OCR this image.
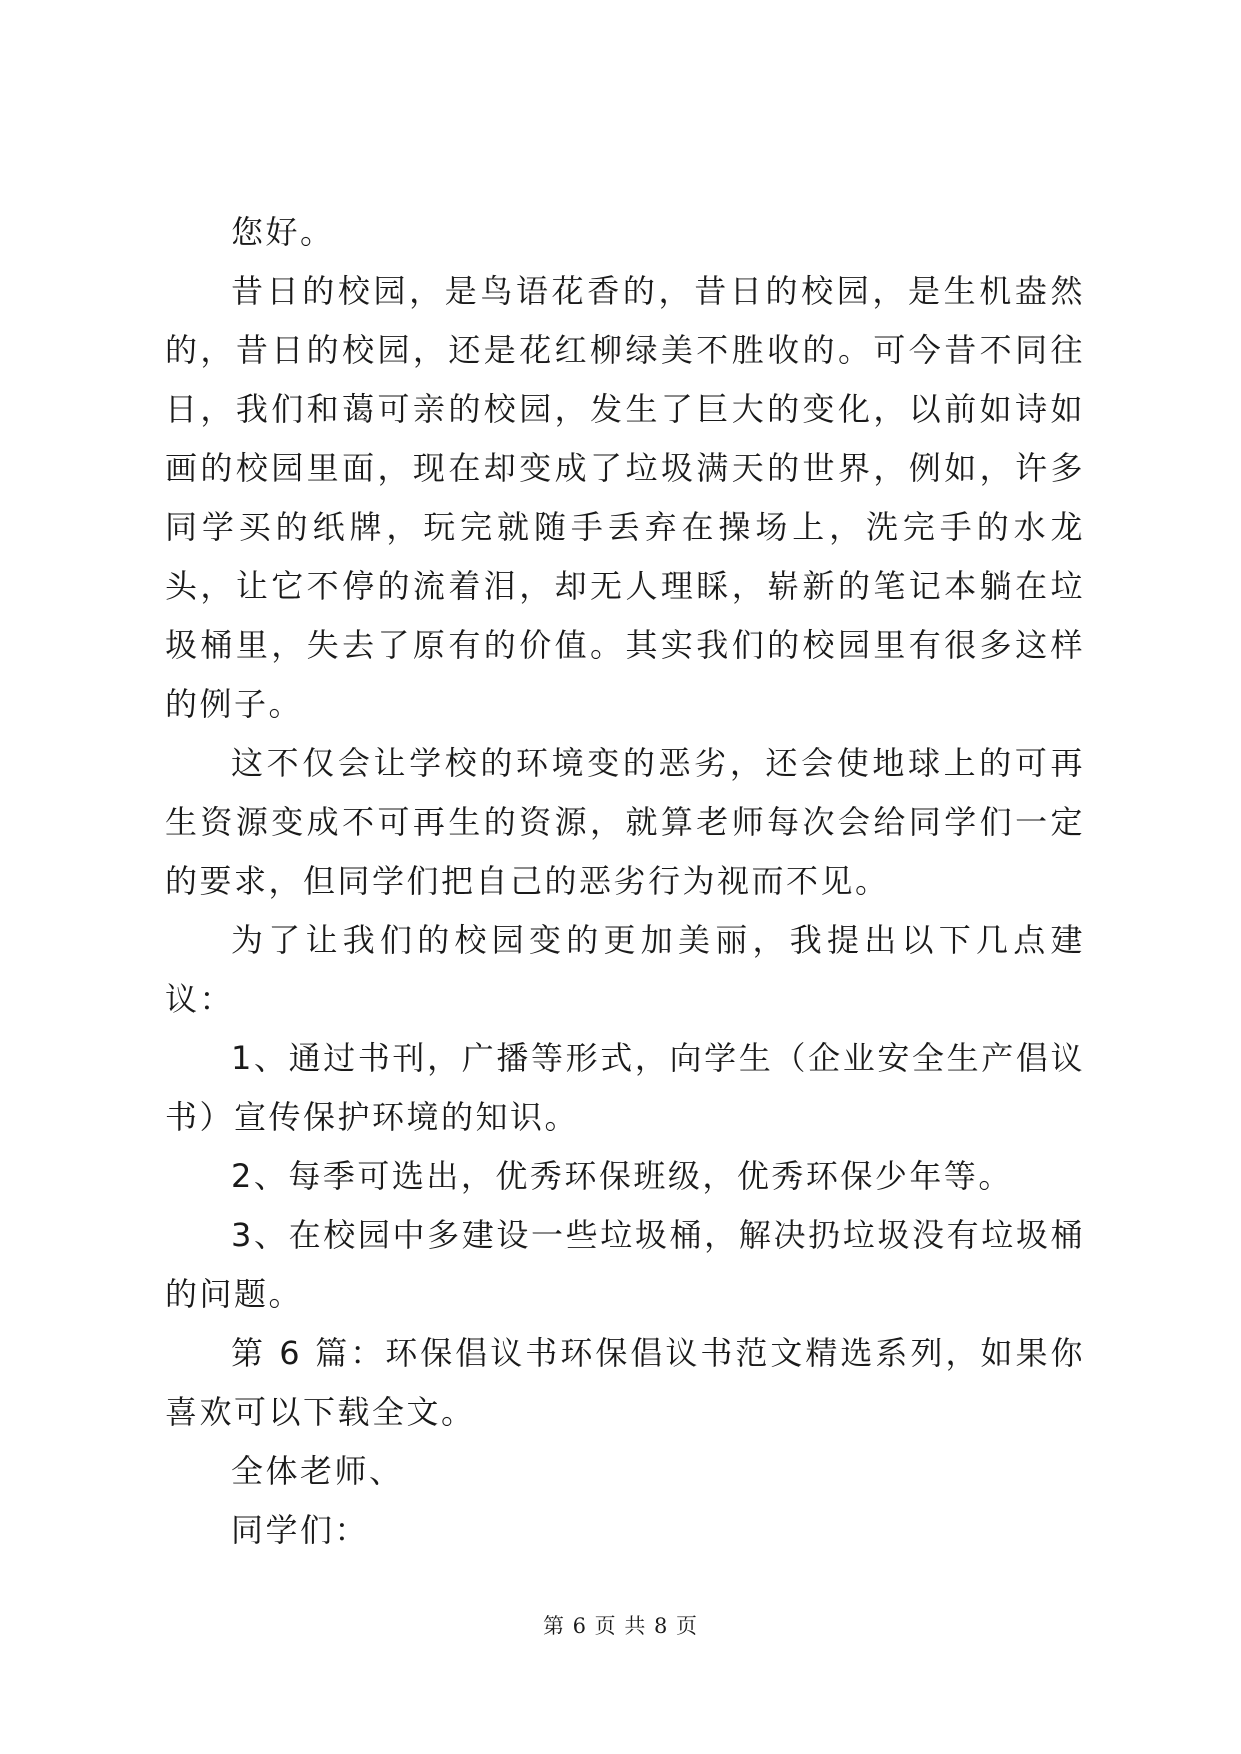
您好。

昔日的校园，是鸟语花香的，昔日的校园，是生机盎然的，昔日的校园，还是花红柳绿美不胜收的。可今昔不同往日，我们和蔼可亲的校园，发生了巨大的变化，以前如诗如画的校园里面，现在却变成了垃圾满天的世界，例如，许多同学买的纸牌，玩完就随手丢弃在操场上，洗完手的水龙头，让它不停的流着泪，却无人理睬，崭新的笔记本躺在垃圾桶里，失去了原有的价值。其实我们的校园里有很多这样的例子。

这不仅会让学校的环境变的恶劣，还会使地球上的可再生资源变成不可再生的资源，就算老师每次会给同学们一定的要求，但同学们把自己的恶劣行为视而不见。

为了让我们的校园变的更加美丽，我提出以下几点建议：

1、通过书刊，广播等形式，向学生（企业安全生产倡议书）宣传保护环境的知识。

2、每季可选出，优秀环保班级，优秀环保少年等。

3、在校园中多建设一些垃圾桶，解决扔垃圾没有垃圾桶的问题。

第 6 篇：环保倡议书环保倡议书范文精选系列，如果你喜欢可以下载全文。

全体老师、

同学们：

第 6 页 共 8 页
